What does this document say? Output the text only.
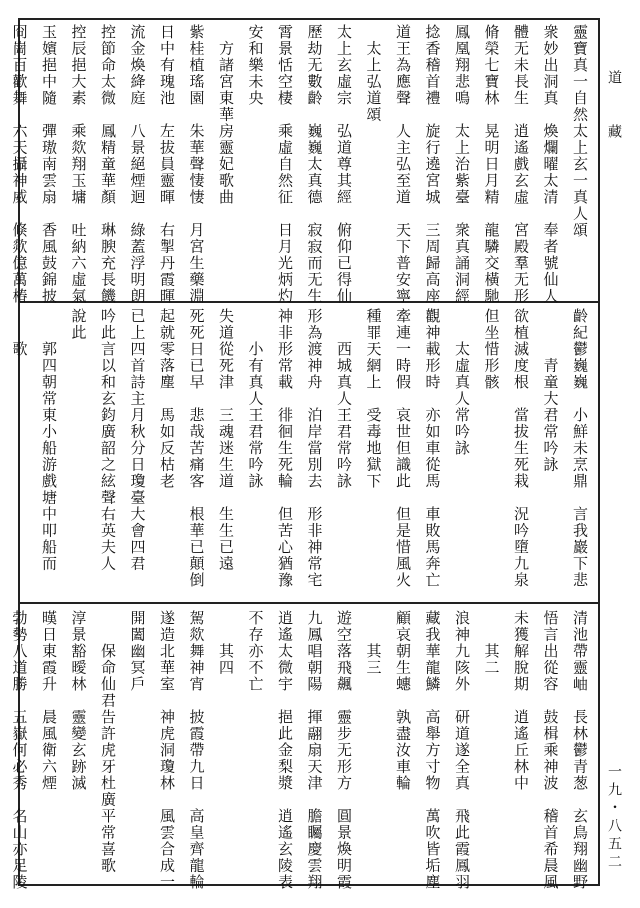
靈寶真一自然太上玄一真人頌
衆妙出洞真　煥爛曜太清　奉者號仙人
體无未長生　逍遙戲玄虛　宮殿羣无形
脩榮七寶林　晃明日月精　龍驎交橫馳
鳳凰翔悲鳴　太上治紫臺　衆真誦洞經
捻香稽首禮　旋行遶宮城　三周歸高座
道王為應聲　人主弘至道　天下普安寧
　太上弘道頌
太上玄虛宗　弘道尊其經　俯仰已得仙
歷劫无數齡　巍巍太真德　寂寂而无生
霄景恬空棲　乘虛自然征　日月光炳灼
安和樂未央
　方諸宮東華房靈妃歌曲
紫桂植瑤園　朱華聲悽悽　月宮生藥淵
日中有瑰池　左拔員靈暉　右掣丹霞暉
流金煥絳庭　八景絕煙迴　綠蓋浮明朗
控節命太微　鳳精童華顏　琳腴充長饑
控辰挹大素　乘欻翔玉墉　吐納六虛氣
玉嬪挹中隨　彈璈南雲扇　香風鼓錦披
冏崗百歡舞　六天攝神威　倏欻億萬椿
齡紀鬱巍巍　小鮮未烹鼎　言我巖下悲
　　　青童大君常吟詠
欲植滅度根　當拔生死栽　況吟墮九泉
但坐惜形骸
　　太虛真人常吟詠
觀神載形時　亦如車從馬　車敗馬奔亡
牽連一時假　哀世但識此　但是惜風火
種罪天網上　受毒地獄下　
　　西城真人王君常吟詠
形為渡神舟　泊岸當別去　形非神常宅
神非形常載　徘徊生死輪　但苦心猶豫
　　小有真人王君常吟詠
失道從死津　三魂迷生道　生生已遠
死死日已早　悲哉苦痛客　根華已顛倒
起就零落塵　馬如反枯老
已上四首詩主月秋分日瓊臺大會四君
吟此言以和玄鈞廣韶之絃聲右英夫人
說此
　　郭四朝常東小船游戲塘中叩船而
　　歌
清池帶靈岫　長林鬱青葱　玄鳥翔幽野
悟言出從容　鼓楫乘神波　稽首希晨風
未獲解脫期　逍遙丘林中
　　其二
浪神九陔外　研道遂全真　飛此霞鳳羽
藏我華龍鱗　高舉方寸物　萬吹皆垢塵
顧哀朝生蟪　孰盡汝車輪
　　其三
遊空落飛飆　靈步无形方　圓景煥明霞
九鳳唱朝陽　揮翮扇天津　膽矚慶雲翔
逍遙太微宇　挹此金梨漿　逍遙玄陵表
不存亦不亡
　　其四
駕欻舞神宵　披霞帶九日　高皇齊龍輪
遂造北華室　神虎洞瓊林　風雲合成一
開闔幽冥戶
　　保命仙君告許虎牙杜廣平常喜歌
淳景豁曖林　靈變玄跡滅
暵日東霞升　晨風衛六煙
勃勢八道勝　五嶽何必秀　名山亦足陵
道　　藏
一九・八五二
